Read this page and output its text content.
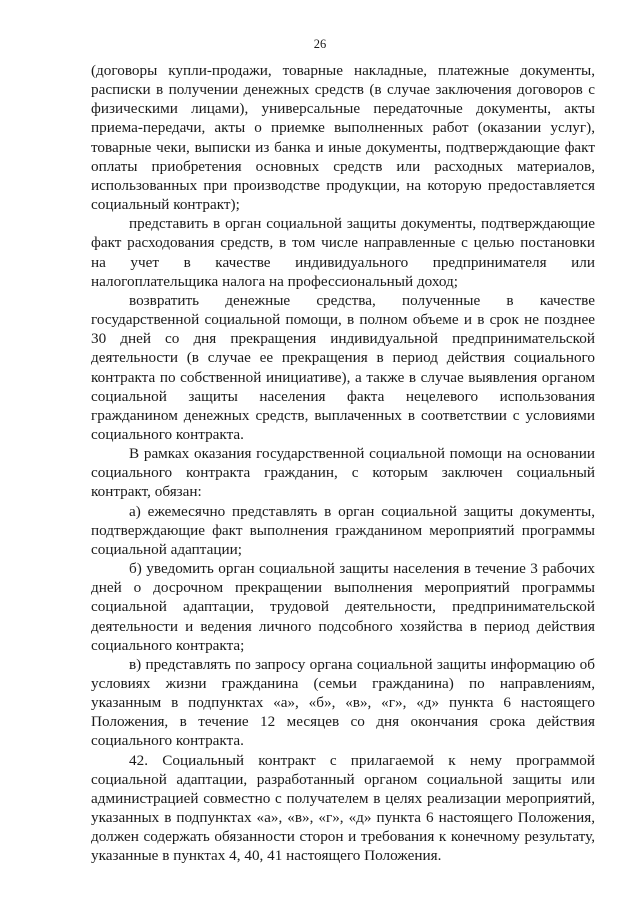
26

(договоры купли-продажи, товарные накладные, платежные документы, расписки в получении денежных средств (в случае заключения договоров с физическими лицами), универсальные передаточные документы, акты приема-передачи, акты о приемке выполненных работ (оказании услуг), товарные чеки, выписки из банка и иные документы, подтверждающие факт оплаты приобретения основных средств или расходных материалов, использованных при производстве продукции, на которую предоставляется социальный контракт);

представить в орган социальной защиты документы, подтверждающие факт расходования средств, в том числе направленные с целью постановки на учет в качестве индивидуального предпринимателя или налогоплательщика налога на профессиональный доход;

возвратить денежные средства, полученные в качестве государственной социальной помощи, в полном объеме и в срок не позднее 30 дней со дня прекращения индивидуальной предпринимательской деятельности (в случае ее прекращения в период действия социального контракта по собственной инициативе), а также в случае выявления органом социальной защиты населения факта нецелевого использования гражданином денежных средств, выплаченных в соответствии с условиями социального контракта.

В рамках оказания государственной социальной помощи на основании социального контракта гражданин, с которым заключен социальный контракт, обязан:

а) ежемесячно представлять в орган социальной защиты документы, подтверждающие факт выполнения гражданином мероприятий программы социальной адаптации;

б) уведомить орган социальной защиты населения в течение 3 рабочих дней о досрочном прекращении выполнения мероприятий программы социальной адаптации, трудовой деятельности, предпринимательской деятельности и ведения личного подсобного хозяйства в период действия социального контракта;

в) представлять по запросу органа социальной защиты информацию об условиях жизни гражданина (семьи гражданина) по направлениям, указанным в подпунктах «а», «б», «в», «г», «д» пункта 6 настоящего Положения, в течение 12 месяцев со дня окончания срока действия социального контракта.

42. Социальный контракт с прилагаемой к нему программой социальной адаптации, разработанный органом социальной защиты или администрацией совместно с получателем в целях реализации мероприятий, указанных в подпунктах «а», «в», «г», «д» пункта 6 настоящего Положения, должен содержать обязанности сторон и требования к конечному результату, указанные в пунктах 4, 40, 41 настоящего Положения.
